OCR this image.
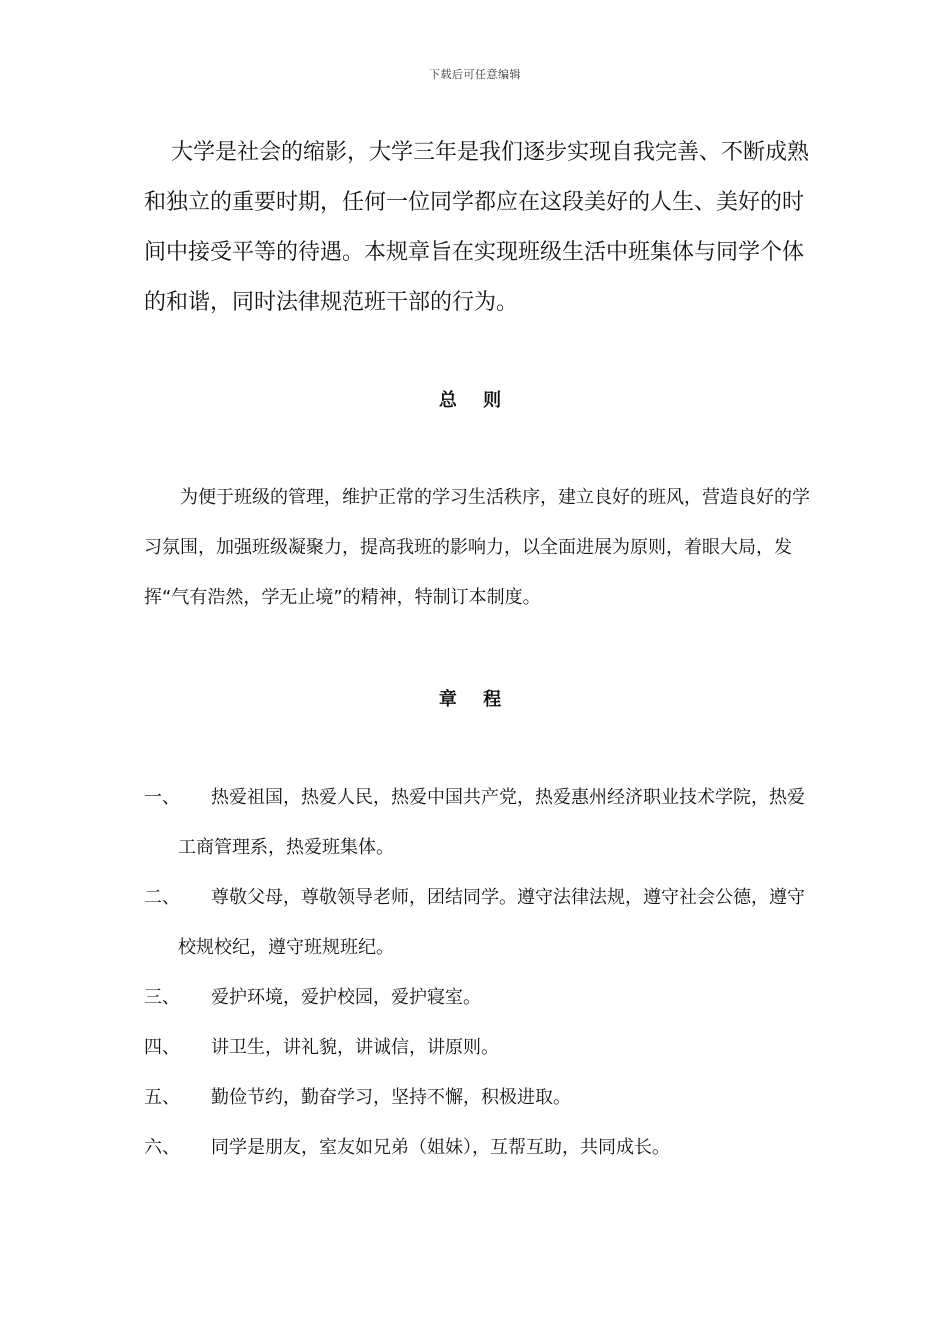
下载后可任意编辑

大学是社会的缩影，大学三年是我们逐步实现自我完善、不断成熟和独立的重要时期，任何一位同学都应在这段美好的人生、美好的时间中接受平等的待遇。本规章旨在实现班级生活中班集体与同学个体的和谐，同时法律规范班干部的行为。

总 则

为便于班级的管理，维护正常的学习生活秩序，建立良好的班风，营造良好的学习氛围，加强班级凝聚力，提高我班的影响力，以全面进展为原则，着眼大局，发挥“气有浩然，学无止境”的精神，特制订本制度。

章 程
一、	热爱祖国，热爱人民，热爱中国共产党，热爱惠州经济职业技术学院，热爱工商管理系，热爱班集体。
二、	尊敬父母，尊敬领导老师，团结同学。遵守法律法规，遵守社会公德，遵守校规校纪，遵守班规班纪。
三、	爱护环境，爱护校园，爱护寝室。
四、	讲卫生，讲礼貌，讲诚信，讲原则。
五、	勤俭节约，勤奋学习，坚持不懈，积极进取。
六、	同学是朋友，室友如兄弟（姐妹），互帮互助，共同成长。
